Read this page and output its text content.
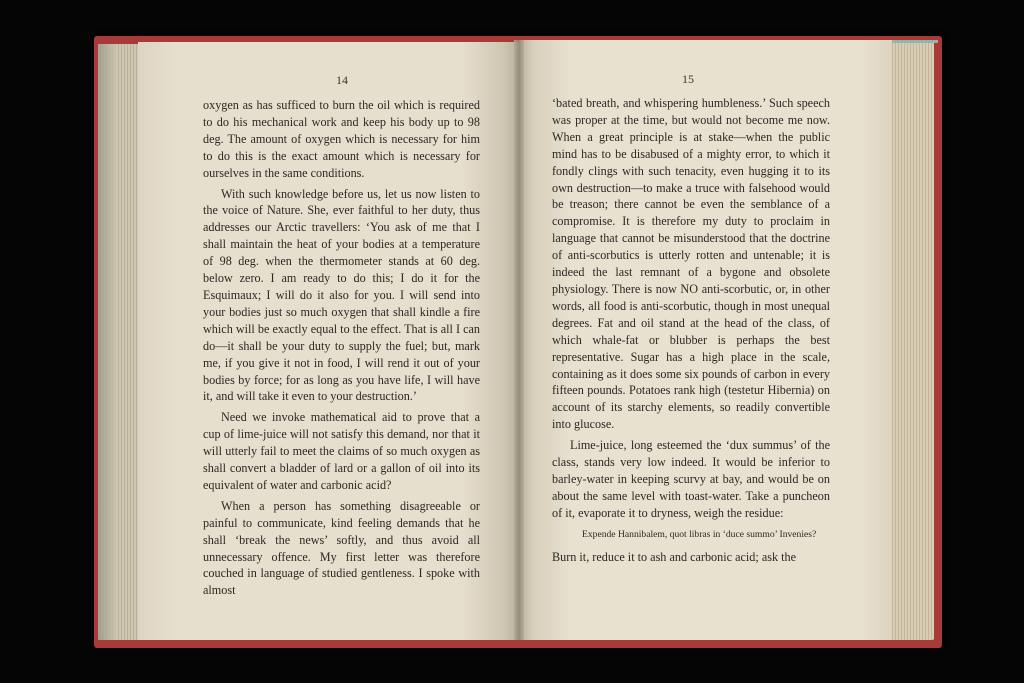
14	15

oxygen as has sufficed to burn the oil which is required to do his mechanical work and keep his body up to 98 deg. The amount of oxygen which is necessary for him to do this is the exact amount which is necessary for ourselves in the same conditions.

With such knowledge before us, let us now listen to the voice of Nature. She, ever faithful to her duty, thus addresses our Arctic travellers: ‘You ask of me that I shall maintain the heat of your bodies at a temperature of 98 deg. when the thermometer stands at 60 deg. below zero. I am ready to do this; I do it for the Esquimaux; I will do it also for you. I will send into your bodies just so much oxygen that shall kindle a fire which will be exactly equal to the effect. That is all I can do—it shall be your duty to supply the fuel; but, mark me, if you give it not in food, I will rend it out of your bodies by force; for as long as you have life, I will have it, and will take it even to your destruction.’

Need we invoke mathematical aid to prove that a cup of lime-juice will not satisfy this demand, nor that it will utterly fail to meet the claims of so much oxygen as shall convert a bladder of lard or a gallon of oil into its equivalent of water and carbonic acid?

When a person has something disagreeable or painful to communicate, kind feeling demands that he shall ‘break the news’ softly, and thus avoid all unnecessary offence. My first letter was therefore couched in language of studied gentleness. I spoke with almost

‘bated breath, and whispering humbleness.’ Such speech was proper at the time, but would not become me now. When a great principle is at stake—when the public mind has to be disabused of a mighty error, to which it fondly clings with such tenacity, even hugging it to its own destruction—to make a truce with falsehood would be treason; there cannot be even the semblance of a compromise. It is therefore my duty to proclaim in language that cannot be misunderstood that the doctrine of anti-scorbutics is utterly rotten and untenable; it is indeed the last remnant of a bygone and obsolete physiology. There is now NO anti-scorbutic, or, in other words, all food is anti-scorbutic, though in most unequal degrees. Fat and oil stand at the head of the class, of which whale-fat or blubber is perhaps the best representative. Sugar has a high place in the scale, containing as it does some six pounds of carbon in every fifteen pounds. Potatoes rank high (testetur Hibernia) on account of its starchy elements, so readily convertible into glucose.

Lime-juice, long esteemed the ‘dux summus’ of the class, stands very low indeed. It would be inferior to barley-water in keeping scurvy at bay, and would be on about the same level with toast-water. Take a puncheon of it, evaporate it to dryness, weigh the residue:

Expende Hannibalem, quot libras in ‘duce summo’ Invenies?

Burn it, reduce it to ash and carbonic acid; ask the
